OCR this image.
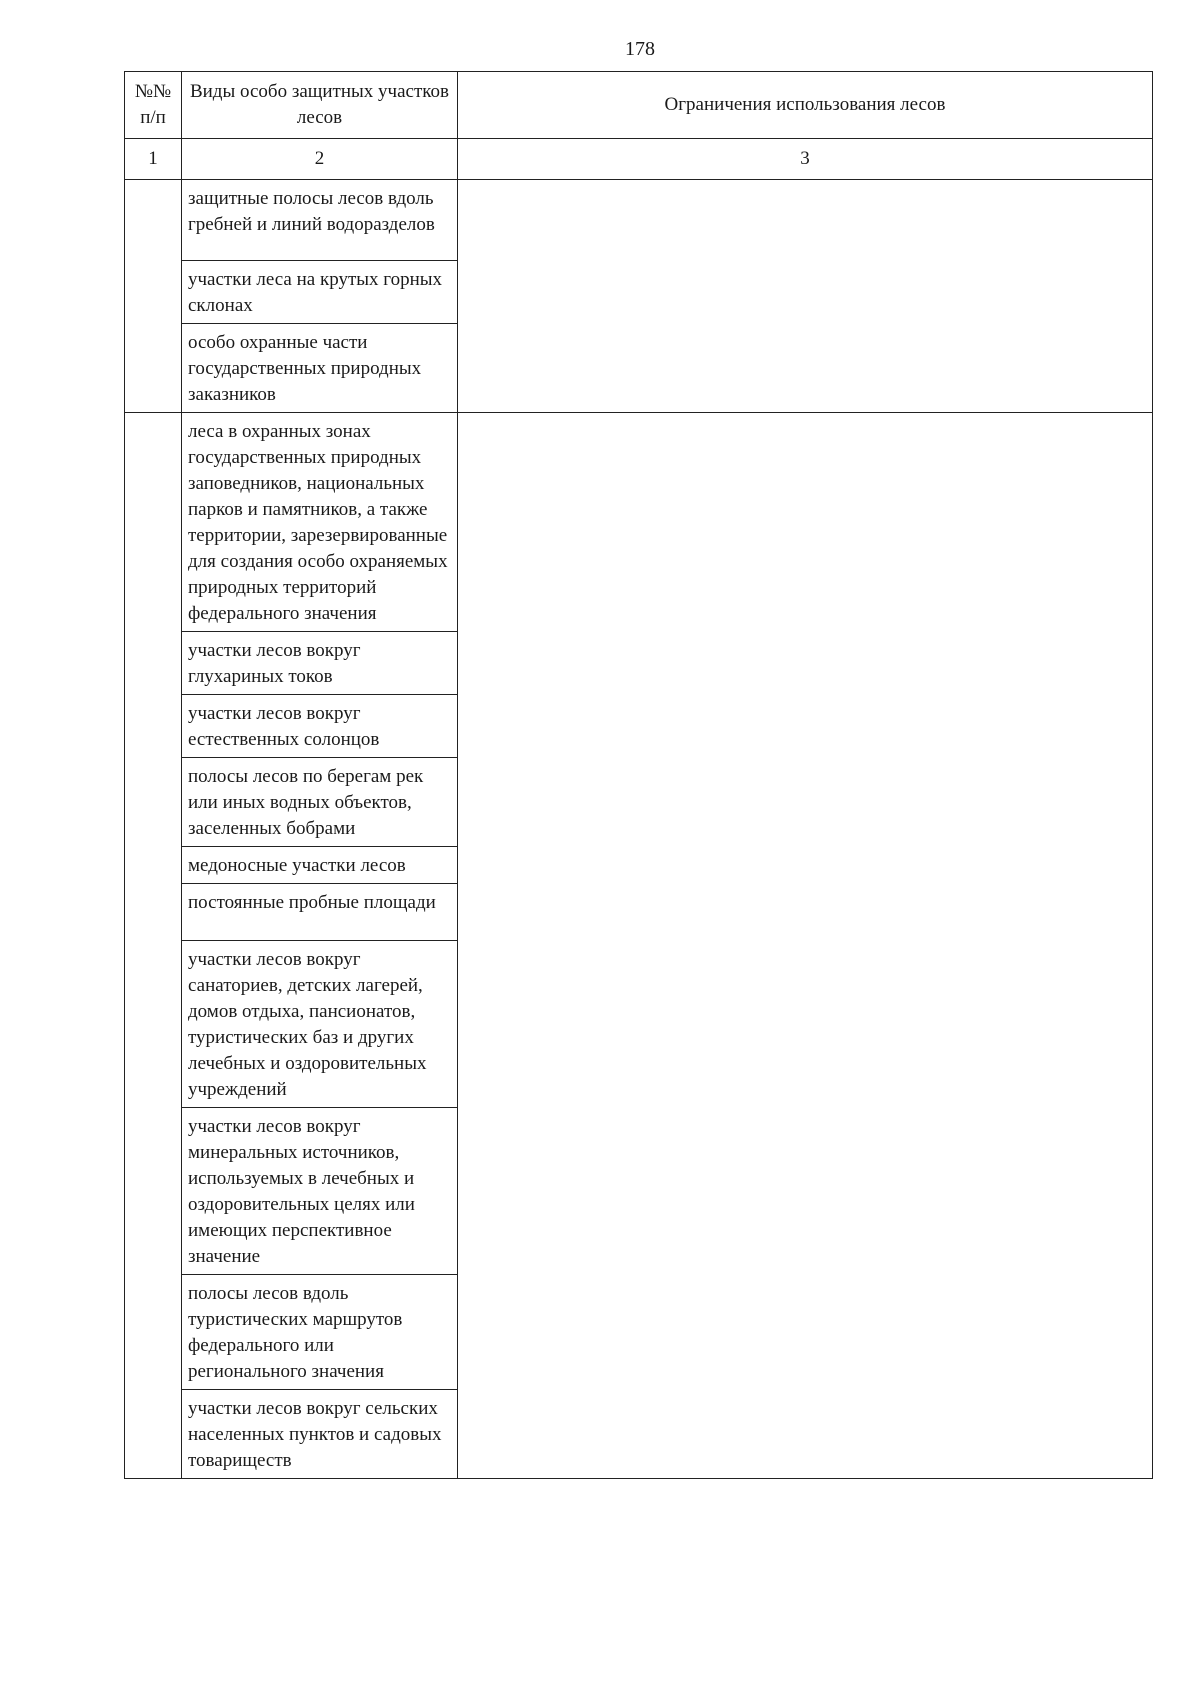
178
№№ п/п	Виды особо защитных участков лесов	Ограничения использования лесов
1	2	3

	защитные полосы лесов вдоль гребней и линий водоразделов	

	участки леса на крутых горных склонах	

	особо охранные части государственных природных заказников	

	леса в охранных зонах государственных природных заповедников, национальных парков и памятников, а также территории, зарезервированные для создания особо охраняемых природных территорий федерального значения	

	участки лесов вокруг глухариных токов	

	участки лесов вокруг естественных солонцов	

	полосы лесов по берегам рек или иных водных объектов, заселенных бобрами	

	медоносные участки лесов	

	постоянные пробные площади	

	участки лесов вокруг санаториев, детских лагерей, домов отдыха, пансионатов, туристических баз и других лечебных и оздоровительных учреждений	

	участки лесов вокруг минеральных источников, используемых в лечебных и оздоровительных целях или имеющих перспективное значение	

	полосы лесов вдоль туристических маршрутов федерального или регионального значения	

	участки лесов вокруг сельских населенных пунктов и садовых товариществ	
